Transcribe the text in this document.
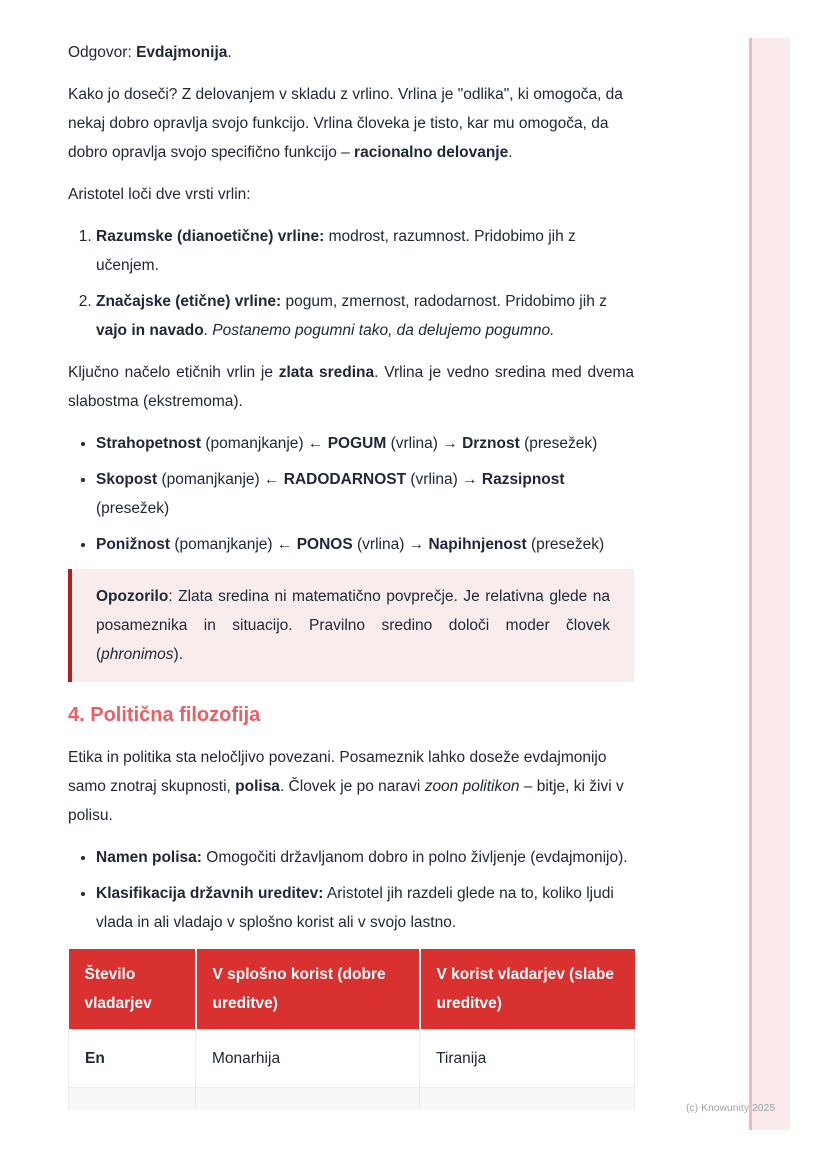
Odgovor: Evdajmonija.

Kako jo doseči? Z delovanjem v skladu z vrlino. Vrlina je "odlika", ki omogoča, da nekaj dobro opravlja svojo funkcijo. Vrlina človeka je tisto, kar mu omogoča, da dobro opravlja svojo specifično funkcijo – racionalno delovanje.

Aristotel loči dve vrsti vrlin:

1. Razumske (dianoetične) vrline: modrost, razumnost. Pridobimo jih z učenjem.
2. Značajske (etične) vrline: pogum, zmernost, radodarnost. Pridobimo jih z vajo in navado. Postanemo pogumni tako, da delujemo pogumno.

Ključno načelo etičnih vrlin je zlata sredina. Vrlina je vedno sredina med dvema slabostma (ekstremoma).

• Strahopetnost (pomanjkanje) ← POGUM (vrlina) → Drznost (presežek)
• Skopost (pomanjkanje) ← RADODARNOST (vrlina) → Razsipnost (presežek)
• Ponižnost (pomanjkanje) ← PONOS (vrlina) → Napihnjenost (presežek)

Opozorilo: Zlata sredina ni matematično povprečje. Je relativna glede na posameznika in situacijo. Pravilno sredino določi moder človek (phronimos).

4. Politična filozofija

Etika in politika sta neločljivo povezani. Posameznik lahko doseže evdajmonijo samo znotraj skupnosti, polisa. Človek je po naravi zoon politikon – bitje, ki živi v polisu.

• Namen polisa: Omogočiti državljanom dobro in polno življenje (evdajmonijo).
• Klasifikacija državnih ureditev: Aristotel jih razdeli glede na to, koliko ljudi vlada in ali vladajo v splošno korist ali v svojo lastno.
Število vladarjev	V splošno korist (dobre ureditve)	V korist vladarjev (slabe ureditve)
En	Monarhija	Tiranija

(c) Knowunity 2025
